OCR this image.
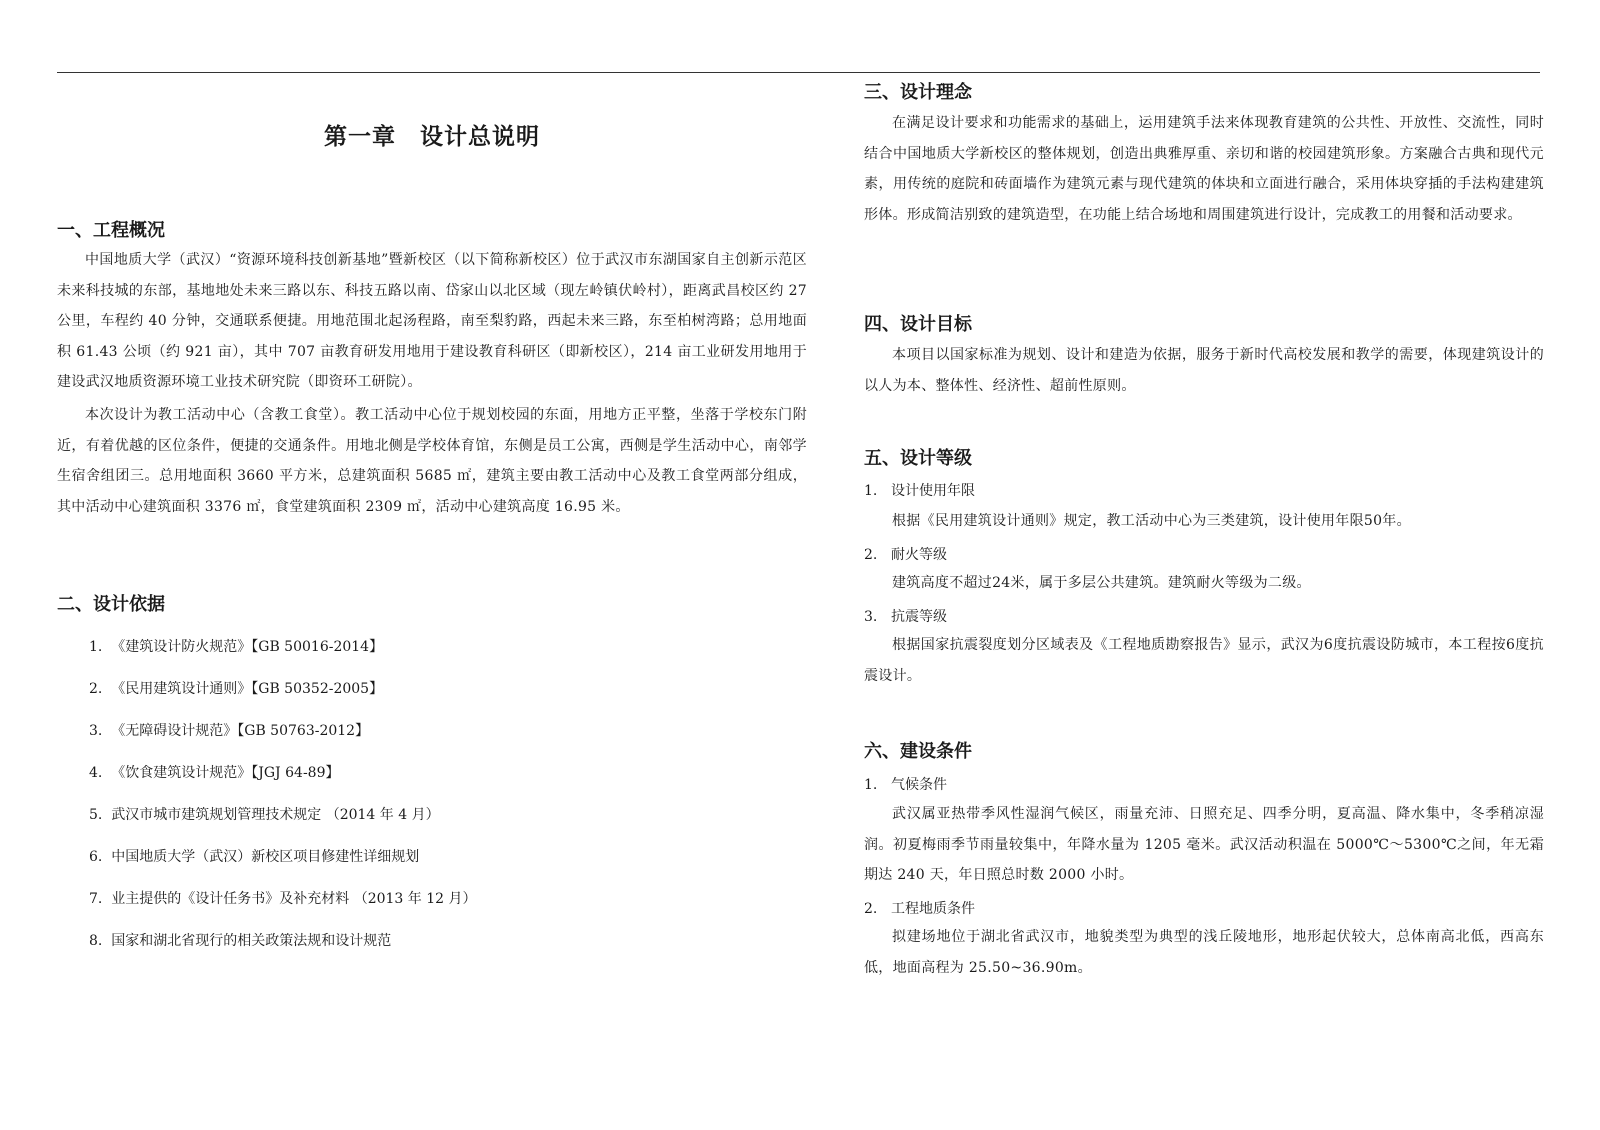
第一章　设计总说明
一、工程概况

中国地质大学（武汉）“资源环境科技创新基地”暨新校区（以下简称新校区）位于武汉市东湖国家自主创新示范区未来科技城的东部，基地地处未来三路以东、科技五路以南、岱家山以北区域（现左岭镇伏岭村），距离武昌校区约 27 公里，车程约 40 分钟，交通联系便捷。用地范围北起汤程路，南至梨豹路，西起未来三路，东至柏树湾路；总用地面积 61.43 公顷（约 921 亩），其中 707 亩教育研发用地用于建设教育科研区（即新校区），214 亩工业研发用地用于建设武汉地质资源环境工业技术研究院（即资环工研院）。

本次设计为教工活动中心（含教工食堂）。教工活动中心位于规划校园的东面，用地方正平整，坐落于学校东门附近，有着优越的区位条件，便捷的交通条件。用地北侧是学校体育馆，东侧是员工公寓，西侧是学生活动中心，南邻学生宿舍组团三。总用地面积 3660 平方米，总建筑面积 5685 ㎡，建筑主要由教工活动中心及教工食堂两部分组成，其中活动中心建筑面积 3376 ㎡，食堂建筑面积 2309 ㎡，活动中心建筑高度 16.95 米。

二、设计依据
1. 《建筑设计防火规范》【GB 50016-2014】
2. 《民用建筑设计通则》【GB 50352-2005】
3. 《无障碍设计规范》【GB 50763-2012】
4. 《饮食建筑设计规范》【JGJ 64-89】
5. 武汉市城市建筑规划管理技术规定 （2014 年 4 月）
6. 中国地质大学（武汉）新校区项目修建性详细规划
7. 业主提供的《设计任务书》及补充材料 （2013 年 12 月）
8. 国家和湖北省现行的相关政策法规和设计规范
三、设计理念

在满足设计要求和功能需求的基础上，运用建筑手法来体现教育建筑的公共性、开放性、交流性，同时结合中国地质大学新校区的整体规划，创造出典雅厚重、亲切和谐的校园建筑形象。方案融合古典和现代元素，用传统的庭院和砖面墙作为建筑元素与现代建筑的体块和立面进行融合，采用体块穿插的手法构建建筑形体。形成简洁别致的建筑造型，在功能上结合场地和周围建筑进行设计，完成教工的用餐和活动要求。

四、设计目标

本项目以国家标准为规划、设计和建造为依据，服务于新时代高校发展和教学的需要，体现建筑设计的以人为本、整体性、经济性、超前性原则。

五、设计等级
1. 设计使用年限

根据《民用建筑设计通则》规定，教工活动中心为三类建筑，设计使用年限50年。

2. 耐火等级

建筑高度不超过24米，属于多层公共建筑。建筑耐火等级为二级。

3. 抗震等级

根据国家抗震裂度划分区域表及《工程地质勘察报告》显示，武汉为6度抗震设防城市，本工程按6度抗震设计。

六、建设条件
1. 气候条件

武汉属亚热带季风性湿润气候区，雨量充沛、日照充足、四季分明，夏高温、降水集中，冬季稍凉湿润。初夏梅雨季节雨量较集中，年降水量为 1205 毫米。武汉活动积温在 5000℃～5300℃之间，年无霜期达 240 天，年日照总时数 2000 小时。

2. 工程地质条件

拟建场地位于湖北省武汉市，地貌类型为典型的浅丘陵地形，地形起伏较大，总体南高北低，西高东低，地面高程为 25.50~36.90m。
